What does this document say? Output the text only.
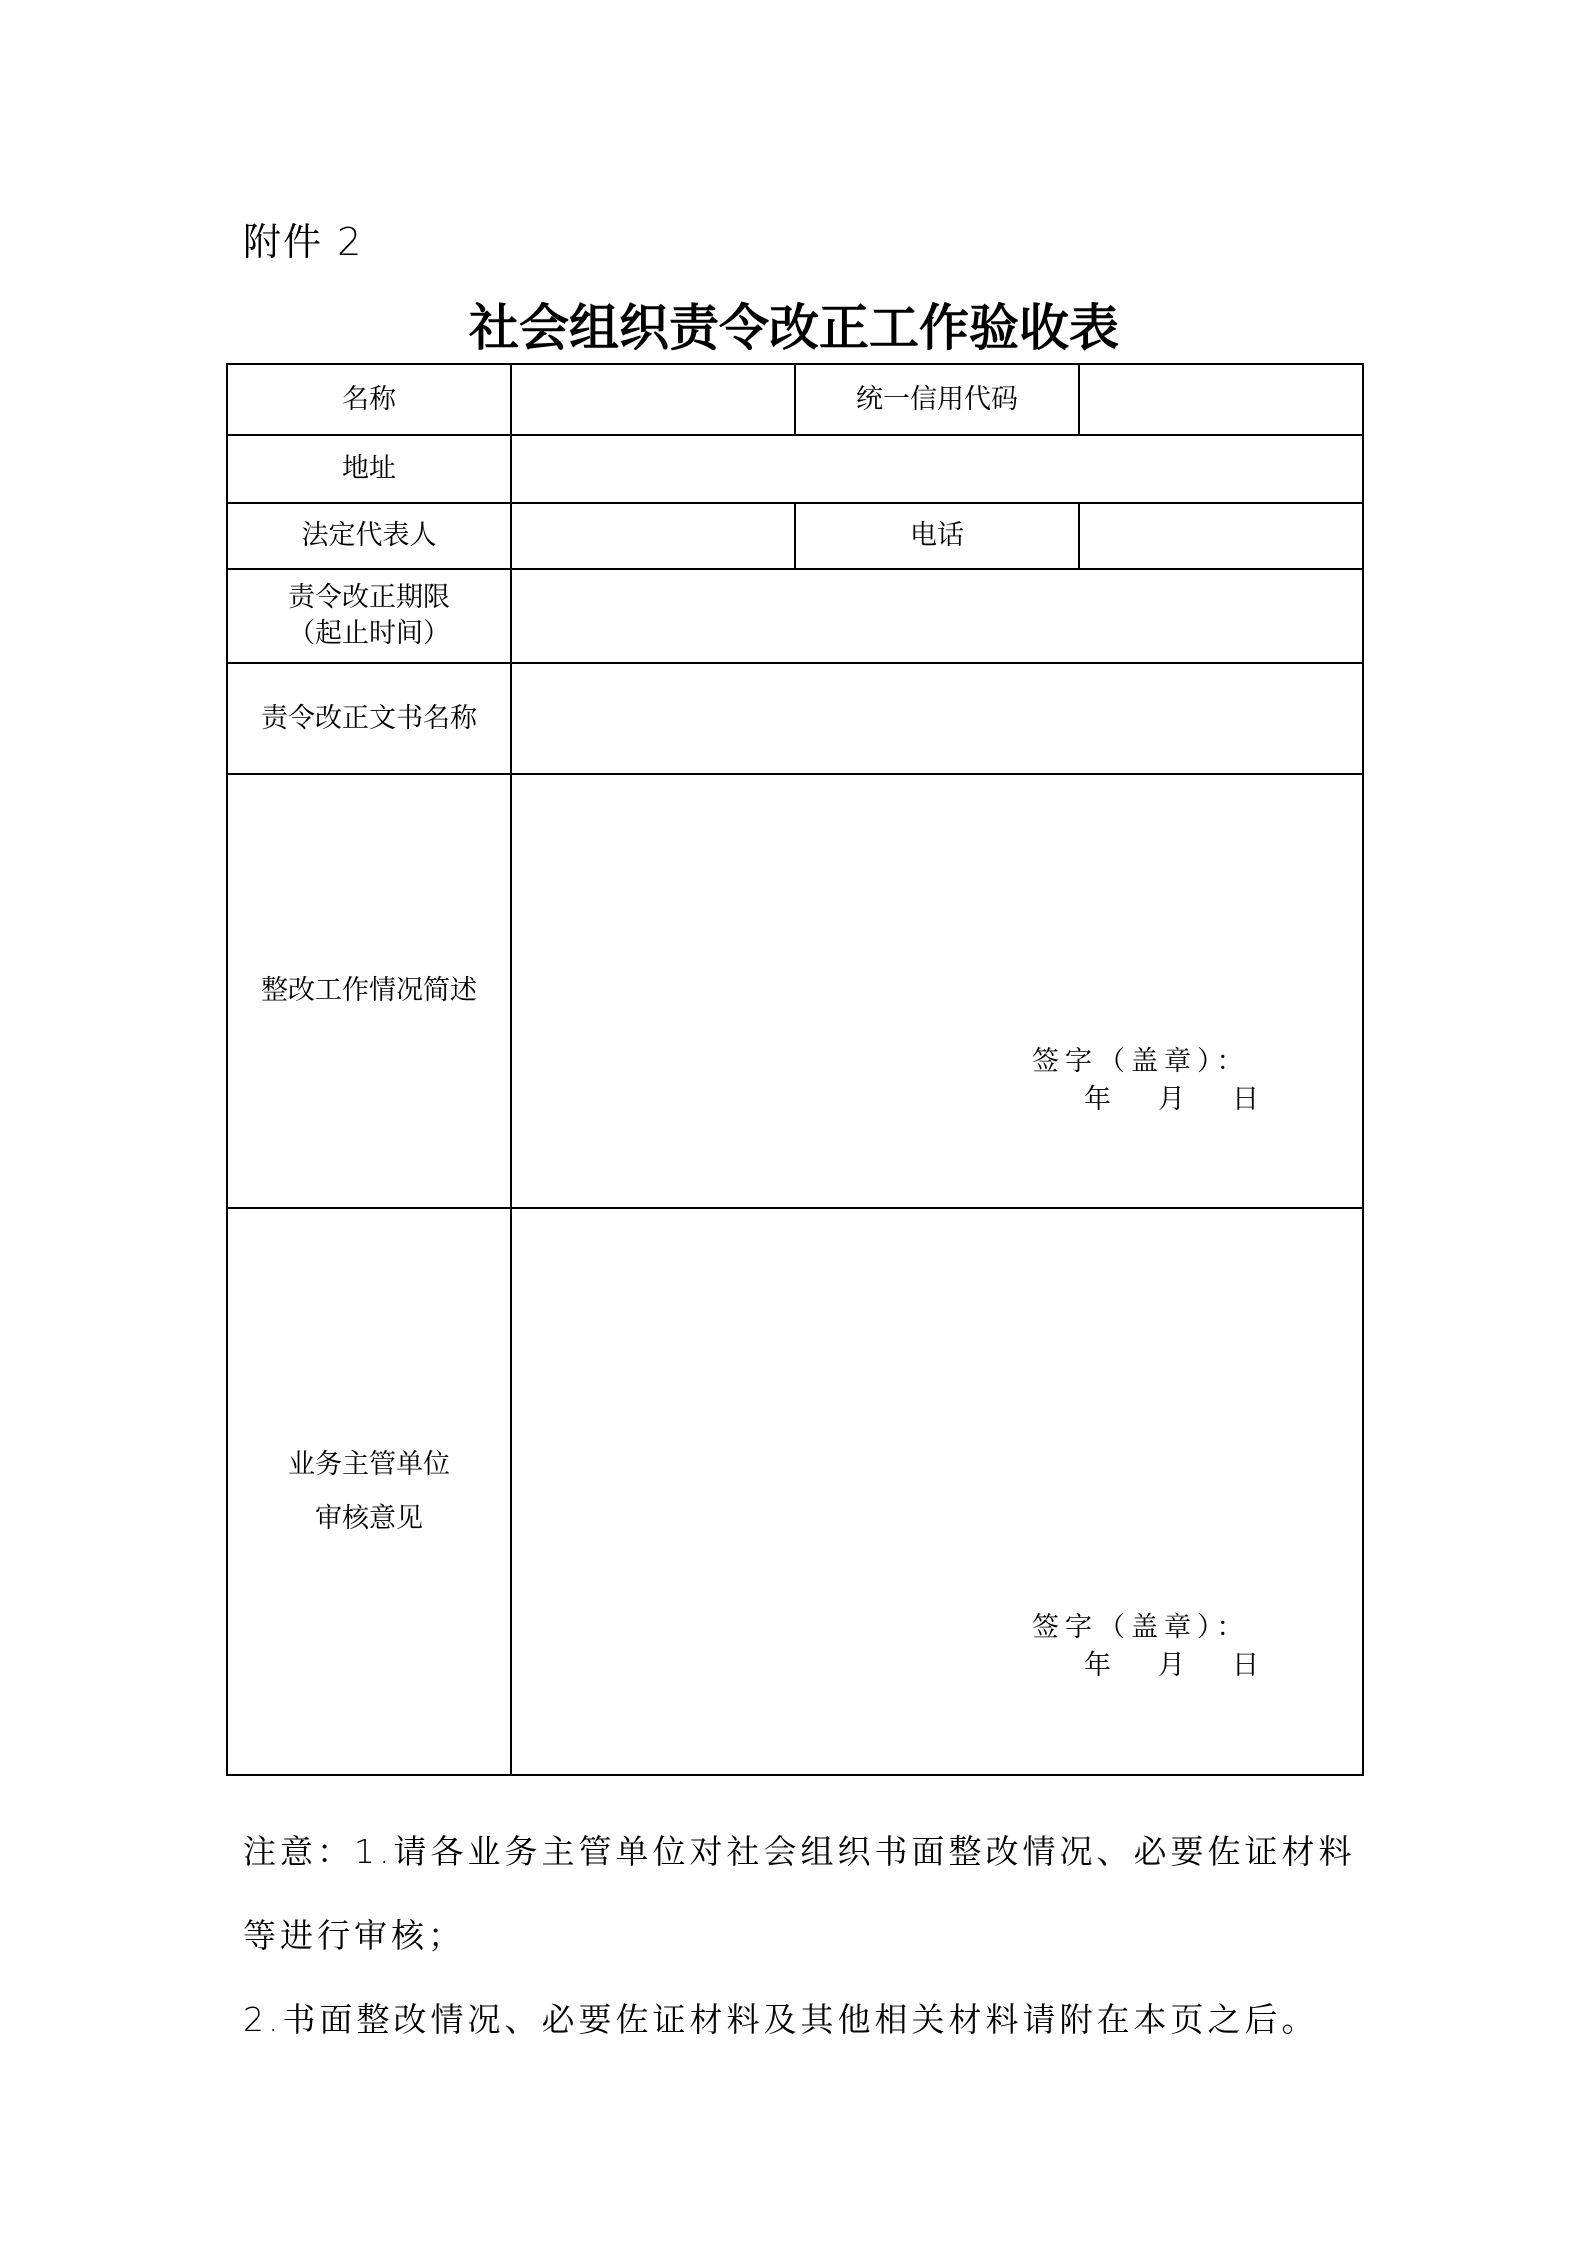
附件 2
社会组织责令改正工作验收表
名称		统一信用代码	
地址			
法定代表人		电话	

责令改正期限
（起止时间）			

责令改正文书名称			
整改工作情况简述	签字（盖章）：
年 月 日		

业务主管单位
审核意见

签字（盖章）：
年 月 日

注意：1.请各业务主管单位对社会组织书面整改情况、必要佐证材料

等进行审核；

2.书面整改情况、必要佐证材料及其他相关材料请附在本页之后。
